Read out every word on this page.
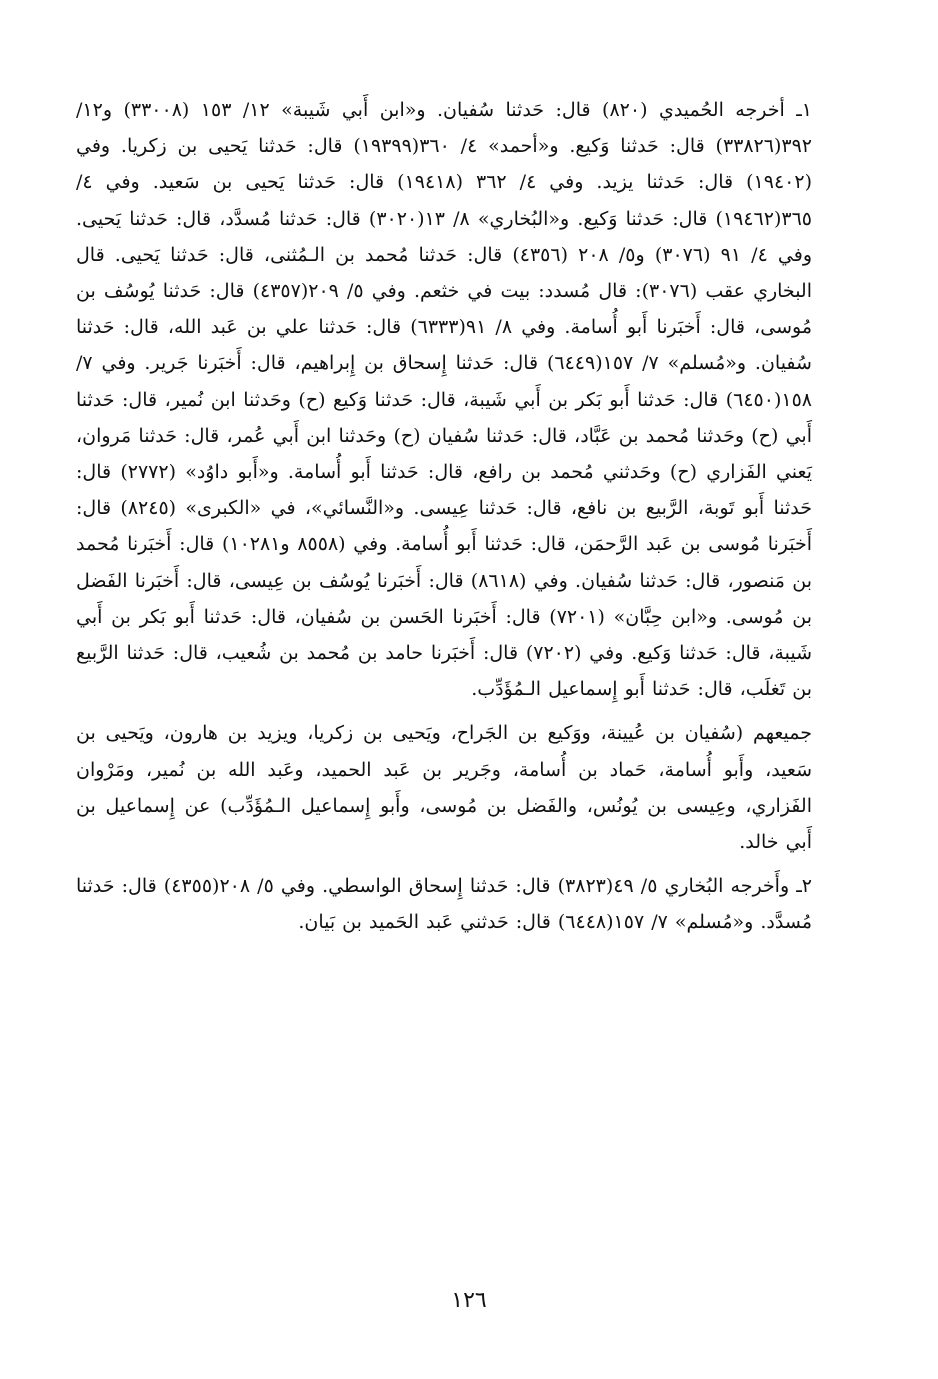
١ـ أخرجه الحُميدي (٨٢٠) قال: حَدثنا سُفيان. و«ابن أَبي شَيبة» ١٢/ ١٥٣ (٣٣٠٠٨) و١٢/ ٣٩٢(٣٣٨٢٦) قال: حَدثنا وَكيع. و«أحمد» ٤/ ٣٦٠(١٩٣٩٩) قال: حَدثنا يَحيى بن زكريا. وفي (١٩٤٠٢) قال: حَدثنا يزيد. وفي ٤/ ٣٦٢ (١٩٤١٨) قال: حَدثنا يَحيى بن سَعيد. وفي ٤/ ٣٦٥(١٩٤٦٢) قال: حَدثنا وَكيع. و«البُخاري» ٨/ ١٣(٣٠٢٠) قال: حَدثنا مُسدَّد، قال: حَدثنا يَحيى. وفي ٤/ ٩١ (٣٠٧٦) و٥/ ٢٠٨ (٤٣٥٦) قال: حَدثنا مُحمد بن الـمُثنى، قال: حَدثنا يَحيى. قال البخاري عقب (٣٠٧٦): قال مُسدد: بيت في خثعم. وفي ٥/ ٢٠٩(٤٣٥٧) قال: حَدثنا يُوسُف بن مُوسى، قال: أَخبَرنا أَبو أُسامة. وفي ٨/ ٩١(٦٣٣٣) قال: حَدثنا علي بن عَبد الله، قال: حَدثنا سُفيان. و«مُسلم» ٧/ ١٥٧(٦٤٤٩) قال: حَدثنا إِسحاق بن إِبراهيم، قال: أَخبَرنا جَرير. وفي ٧/ ١٥٨(٦٤٥٠) قال: حَدثنا أَبو بَكر بن أَبي شَيبة، قال: حَدثنا وَكيع (ح) وحَدثنا ابن نُمير، قال: حَدثنا أَبي (ح) وحَدثنا مُحمد بن عَبَّاد، قال: حَدثنا سُفيان (ح) وحَدثنا ابن أَبي عُمر، قال: حَدثنا مَروان، يَعني الفَزاري (ح) وحَدثني مُحمد بن رافع، قال: حَدثنا أَبو أُسامة. و«أَبو داوُد» (٢٧٧٢) قال: حَدثنا أَبو تَوبة، الرَّبيع بن نافع، قال: حَدثنا عِيسى. و«النَّسائي»، في «الكبرى» (٨٢٤٥) قال: أَخبَرنا مُوسى بن عَبد الرَّحمَن، قال: حَدثنا أَبو أُسامة. وفي (٨٥٥٨ و١٠٢٨١) قال: أَخبَرنا مُحمد بن مَنصور، قال: حَدثنا سُفيان. وفي (٨٦١٨) قال: أَخبَرنا يُوسُف بن عِيسى، قال: أَخبَرنا الفَضل بن مُوسى. و«ابن حِبَّان» (٧٢٠١) قال: أَخبَرنا الحَسن بن سُفيان، قال: حَدثنا أَبو بَكر بن أَبي شَيبة، قال: حَدثنا وَكيع. وفي (٧٢٠٢) قال: أَخبَرنا حامد بن مُحمد بن شُعيب، قال: حَدثنا الرَّبيع بن تَغلَب، قال: حَدثنا أَبو إِسماعيل الـمُؤَدِّب.

جميعهم (سُفيان بن عُيينة، ووَكيع بن الجَراح، ويَحيى بن زكريا، ويزيد بن هارون، ويَحيى بن سَعيد، وأَبو أُسامة، حَماد بن أُسامة، وجَرير بن عَبد الحميد، وعَبد الله بن نُمير، ومَرْوان الفَزاري، وعِيسى بن يُونُس، والفَضل بن مُوسى، وأَبو إِسماعيل الـمُؤَدِّب) عن إِسماعيل بن أَبي خالد.

٢ـ وأَخرجه البُخاري ٥/ ٤٩(٣٨٢٣) قال: حَدثنا إِسحاق الواسطي. وفي ٥/ ٢٠٨(٤٣٥٥) قال: حَدثنا مُسدَّد. و«مُسلم» ٧/ ١٥٧(٦٤٤٨) قال: حَدثني عَبد الحَميد بن بَيان.

١٢٦
